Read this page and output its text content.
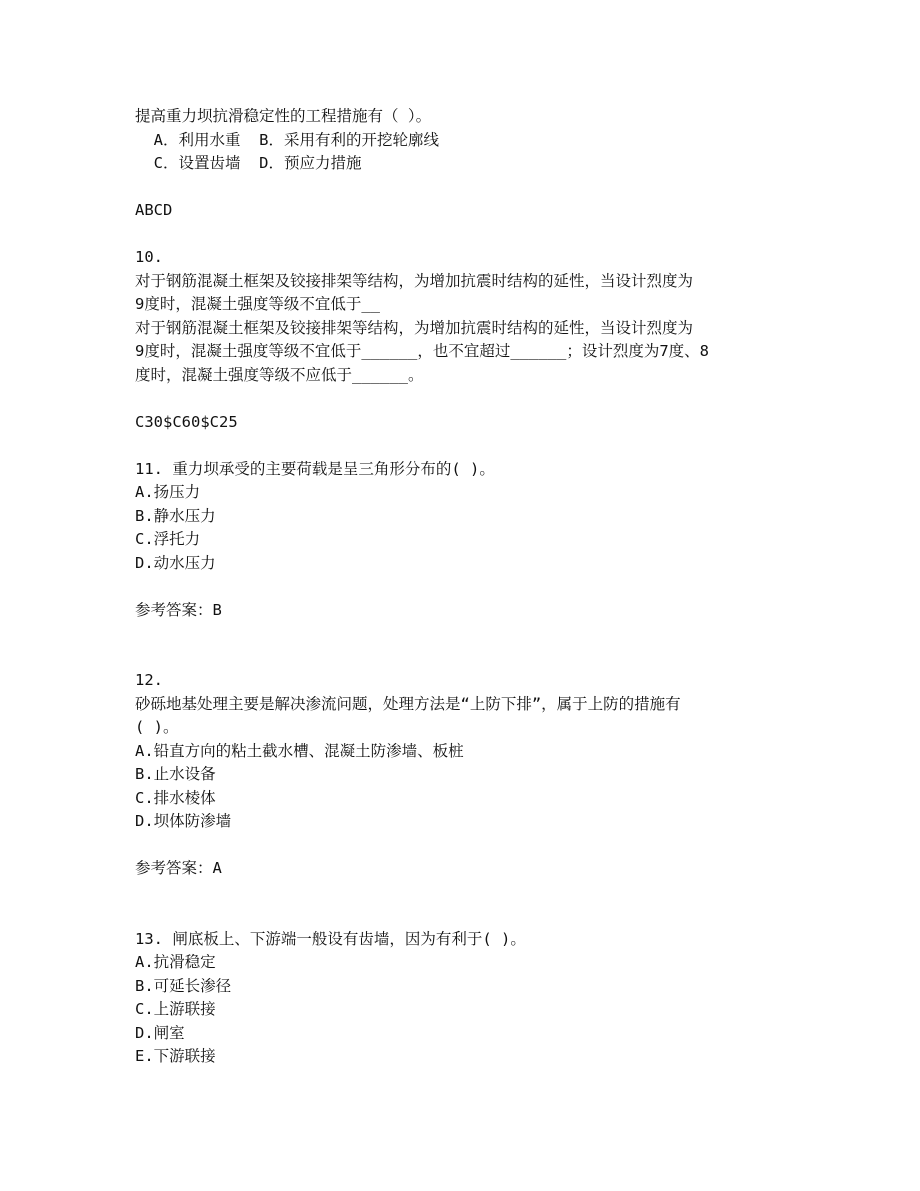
提高重力坝抗滑稳定性的工程措施有（ ）。
A．利用水重  B．采用有利的开挖轮廓线
C．设置齿墙  D．预应力措施
ABCD
10.
对于钢筋混凝土框架及铰接排架等结构，为增加抗震时结构的延性，当设计烈度为
9度时，混凝土强度等级不宜低于__
对于钢筋混凝土框架及铰接排架等结构，为增加抗震时结构的延性，当设计烈度为
9度时，混凝土强度等级不宜低于______，也不宜超过______；设计烈度为7度、8
度时，混凝土强度等级不应低于______。
C30$C60$C25
11. 重力坝承受的主要荷载是呈三角形分布的( )。
A.扬压力
B.静水压力
C.浮托力
D.动水压力
参考答案：B
12.
砂砾地基处理主要是解决渗流问题，处理方法是“上防下排”，属于上防的措施有
( )。
A.铅直方向的粘土截水槽、混凝土防渗墙、板桩
B.止水设备
C.排水棱体
D.坝体防渗墙
参考答案：A
13. 闸底板上、下游端一般设有齿墙，因为有利于( )。
A.抗滑稳定
B.可延长渗径
C.上游联接
D.闸室
E.下游联接
